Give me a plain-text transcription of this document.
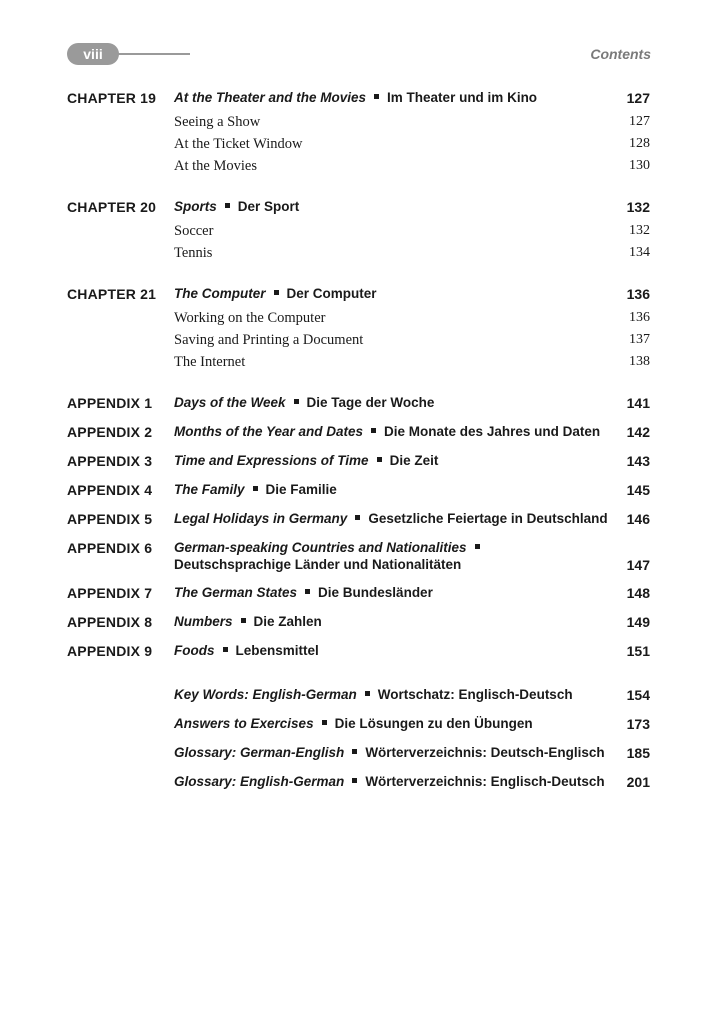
viii	Contents
CHAPTER 19 At the Theater and the Movies Im Theater und im Kino	127
Seeing a Show	127
At the Ticket Window	128
At the Movies	130
CHAPTER 20 Sports Der Sport	132
Soccer	132
Tennis	134
CHAPTER 21 The Computer Der Computer	136
Working on the Computer	136
Saving and Printing a Document	137
The Internet	138
APPENDIX 1 Days of the Week Die Tage der Woche	141
APPENDIX 2 Months of the Year and Dates Die Monate des Jahres und Daten 142
APPENDIX 3 Time and Expressions of Time Die Zeit	143
APPENDIX 4 The Family Die Familie	145
APPENDIX 5 Legal Holidays in Germany Gesetzliche Feiertage in Deutschland 146
APPENDIX 6 German-speaking Countries and Nationalities
Deutschsprachige Länder und Nationalitäten	147
APPENDIX 7 The German States Die Bundesländer	148
APPENDIX 8 Numbers Die Zahlen	149
APPENDIX 9 Foods Lebensmittel	151
Key Words: English-German Wortschatz: Englisch-Deutsch	154
Answers to Exercises Die Lösungen zu den Übungen	173
Glossary: German-English Wörterverzeichnis: Deutsch-Englisch 185
Glossary: English-German Wörterverzeichnis: Englisch-Deutsch 201
